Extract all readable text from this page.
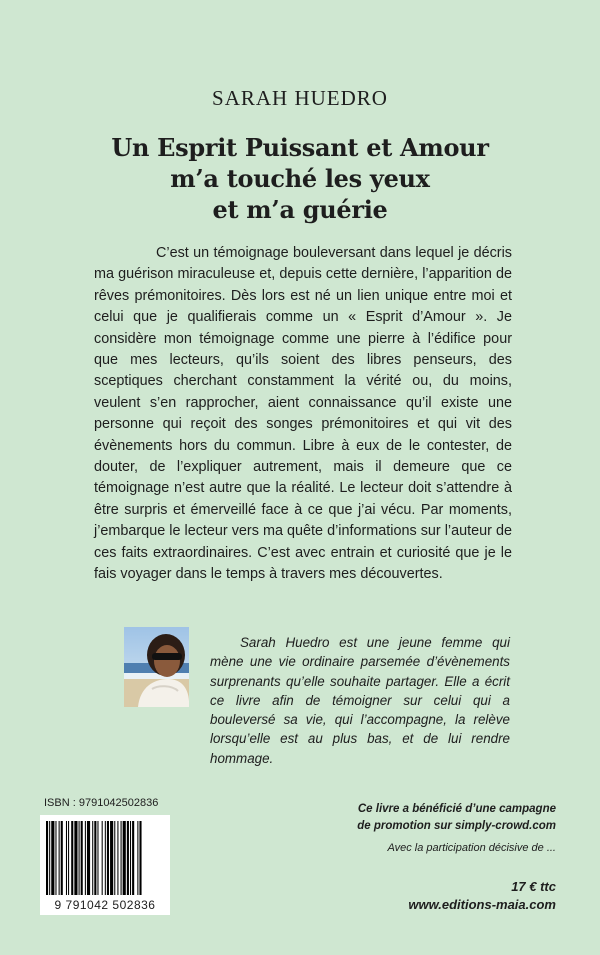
SARAH HUEDRO
Un Esprit Puissant et Amour
m’a touché les yeux
et m’a guérie

C’est un témoignage bouleversant dans lequel je décris ma guérison miraculeuse et, depuis cette dernière, l’apparition de rêves prémonitoires. Dès lors est né un lien unique entre moi et celui que je qualifierais comme un « Esprit d’Amour ». Je considère mon témoignage comme une pierre à l’édifice pour que mes lecteurs, qu’ils soient des libres penseurs, des sceptiques cherchant constamment la vérité ou, du moins, veulent s’en rapprocher, aient connaissance qu’il existe une personne qui reçoit des songes prémonitoires et qui vit des évènements hors du commun. Libre à eux de le contester, de douter, de l’expliquer autrement, mais il demeure que ce témoignage n’est autre que la réalité. Le lecteur doit s’attendre à être surpris et émerveillé face à ce que j’ai vécu. Par moments, j’embarque le lecteur vers ma quête d’informations sur l’auteur de ces faits extraordinaires. C’est avec entrain et curiosité que je le fais voyager dans le temps à travers mes découvertes.

Sarah Huedro est une jeune femme qui mène une vie ordinaire parsemée d’évènements surprenants qu’elle souhaite partager. Elle a écrit ce livre afin de témoigner sur celui qui a bouleversé sa vie, qui l’accompagne, la relève lorsqu’elle est au plus bas, et de lui rendre hommage.

ISBN : 9791042502836
9 791042 502836
Ce livre a bénéficié d’une campagne
de promotion sur simply-crowd.com
Avec la participation décisive de ...
17 € ttc
www.editions-maia.com
